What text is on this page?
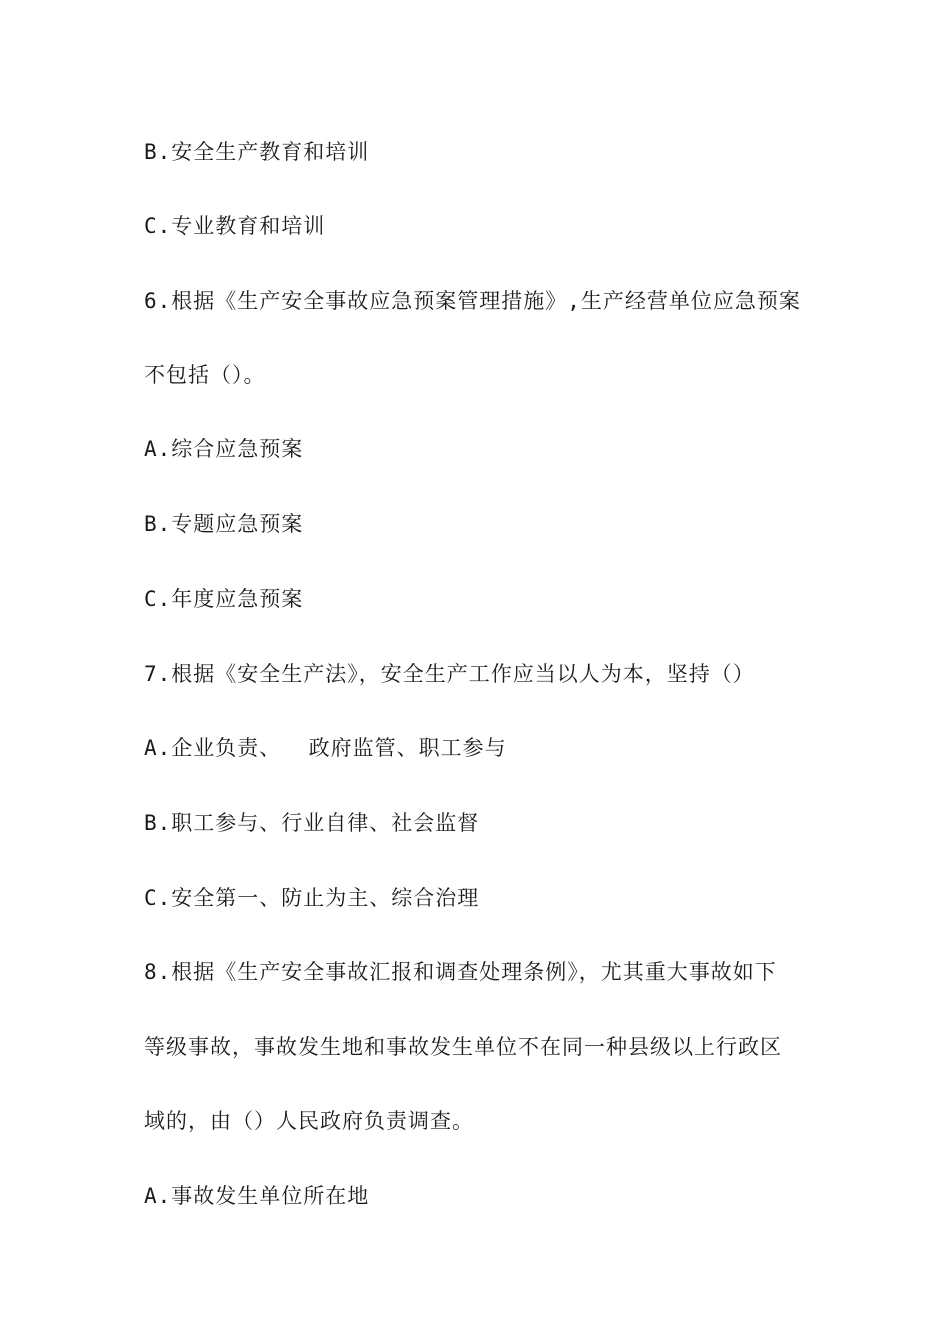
B.安全生产教育和培训
C.专业教育和培训
6.根据《生产安全事故应急预案管理措施》,生产经营单位应急预案
不包括（）。
A.综合应急预案
B.专题应急预案
C.年度应急预案
7.根据《安全生产法》，安全生产工作应当以人为本，坚持（）
A.企业负责、  政府监管、职工参与
B.职工参与、行业自律、社会监督
C.安全第一、防止为主、综合治理
8.根据《生产安全事故汇报和调查处理条例》，尤其重大事故如下
等级事故，事故发生地和事故发生单位不在同一种县级以上行政区
域的，由（）人民政府负责调查。
A.事故发生单位所在地
